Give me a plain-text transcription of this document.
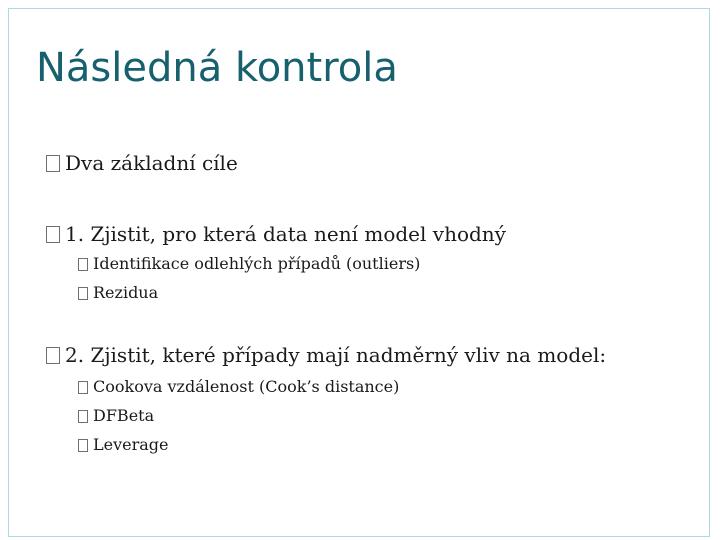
Následná kontrola
Dva základní cíle
1. Zjistit, pro která data není model vhodný
Identifikace odlehlých případů (outliers)
Rezidua
2. Zjistit, které případy mají nadměrný vliv na model:
Cookova vzdálenost (Cook’s distance)
DFBeta
Leverage
